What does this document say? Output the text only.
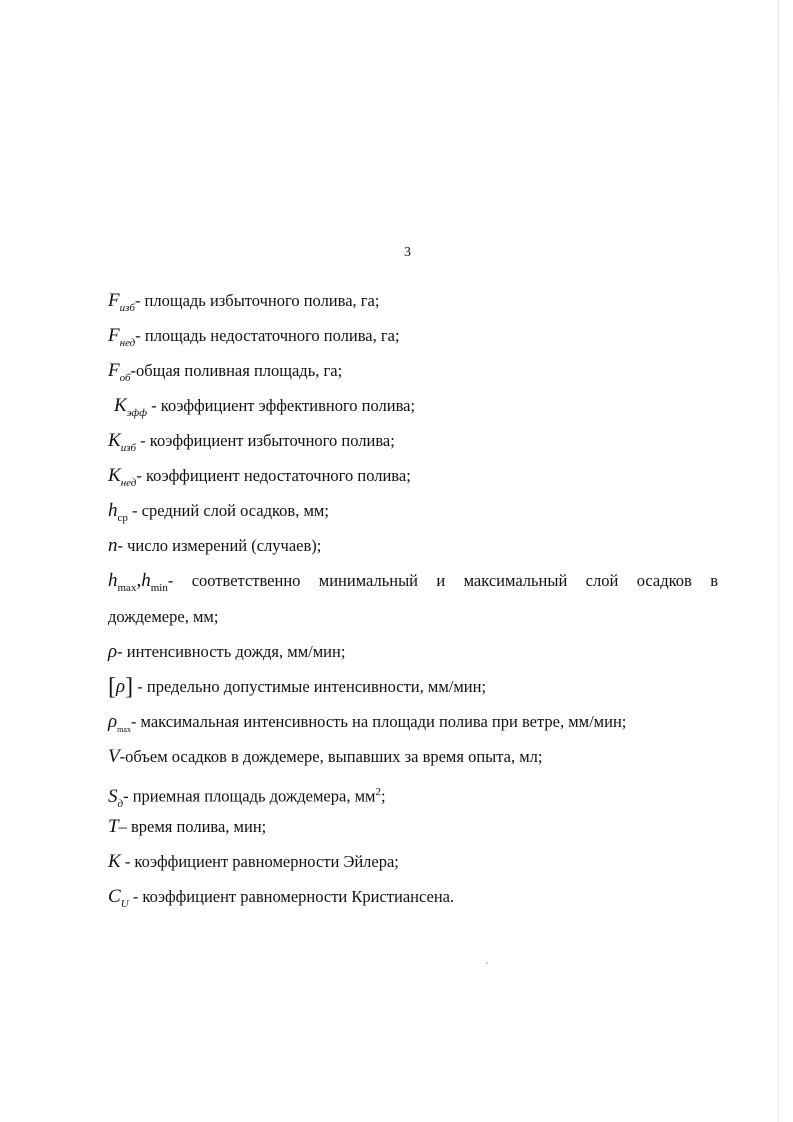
3
$F_{изб}-$ площадь избыточного полива, га;
$F_{нед}-$ площадь недостаточного полива, га;
$F_{об}$-общая поливная площадь, га;
$K_{эфф}$ - коэффициент эффективного полива;
$K_{изб}$ - коэффициент избыточного полива;
$K_{нед}-$ коэффициент недостаточного полива;
$h_{ср}$ - средний слой осадков, мм;
n- число измерений (случаев);
$h_{max},h_{min}-$ соответственно минимальный и максимальный слой осадков в
дождемере, мм;
ρ- интенсивность дождя, мм/мин;
[ρ] - предельно допустимые интенсивности, мм/мин;
$\rho_{max}-$ максимальная интенсивность на площади полива при ветре, мм/мин;
V-объем осадков в дождемере, выпавших за время опыта, мл;
$S_д-$ приемная площадь дождемера, $мм^2$;
T– время полива, мин;
K - коэффициент равномерности Эйлера;
$C_U$ - коэффициент равномерности Кристиансена.
